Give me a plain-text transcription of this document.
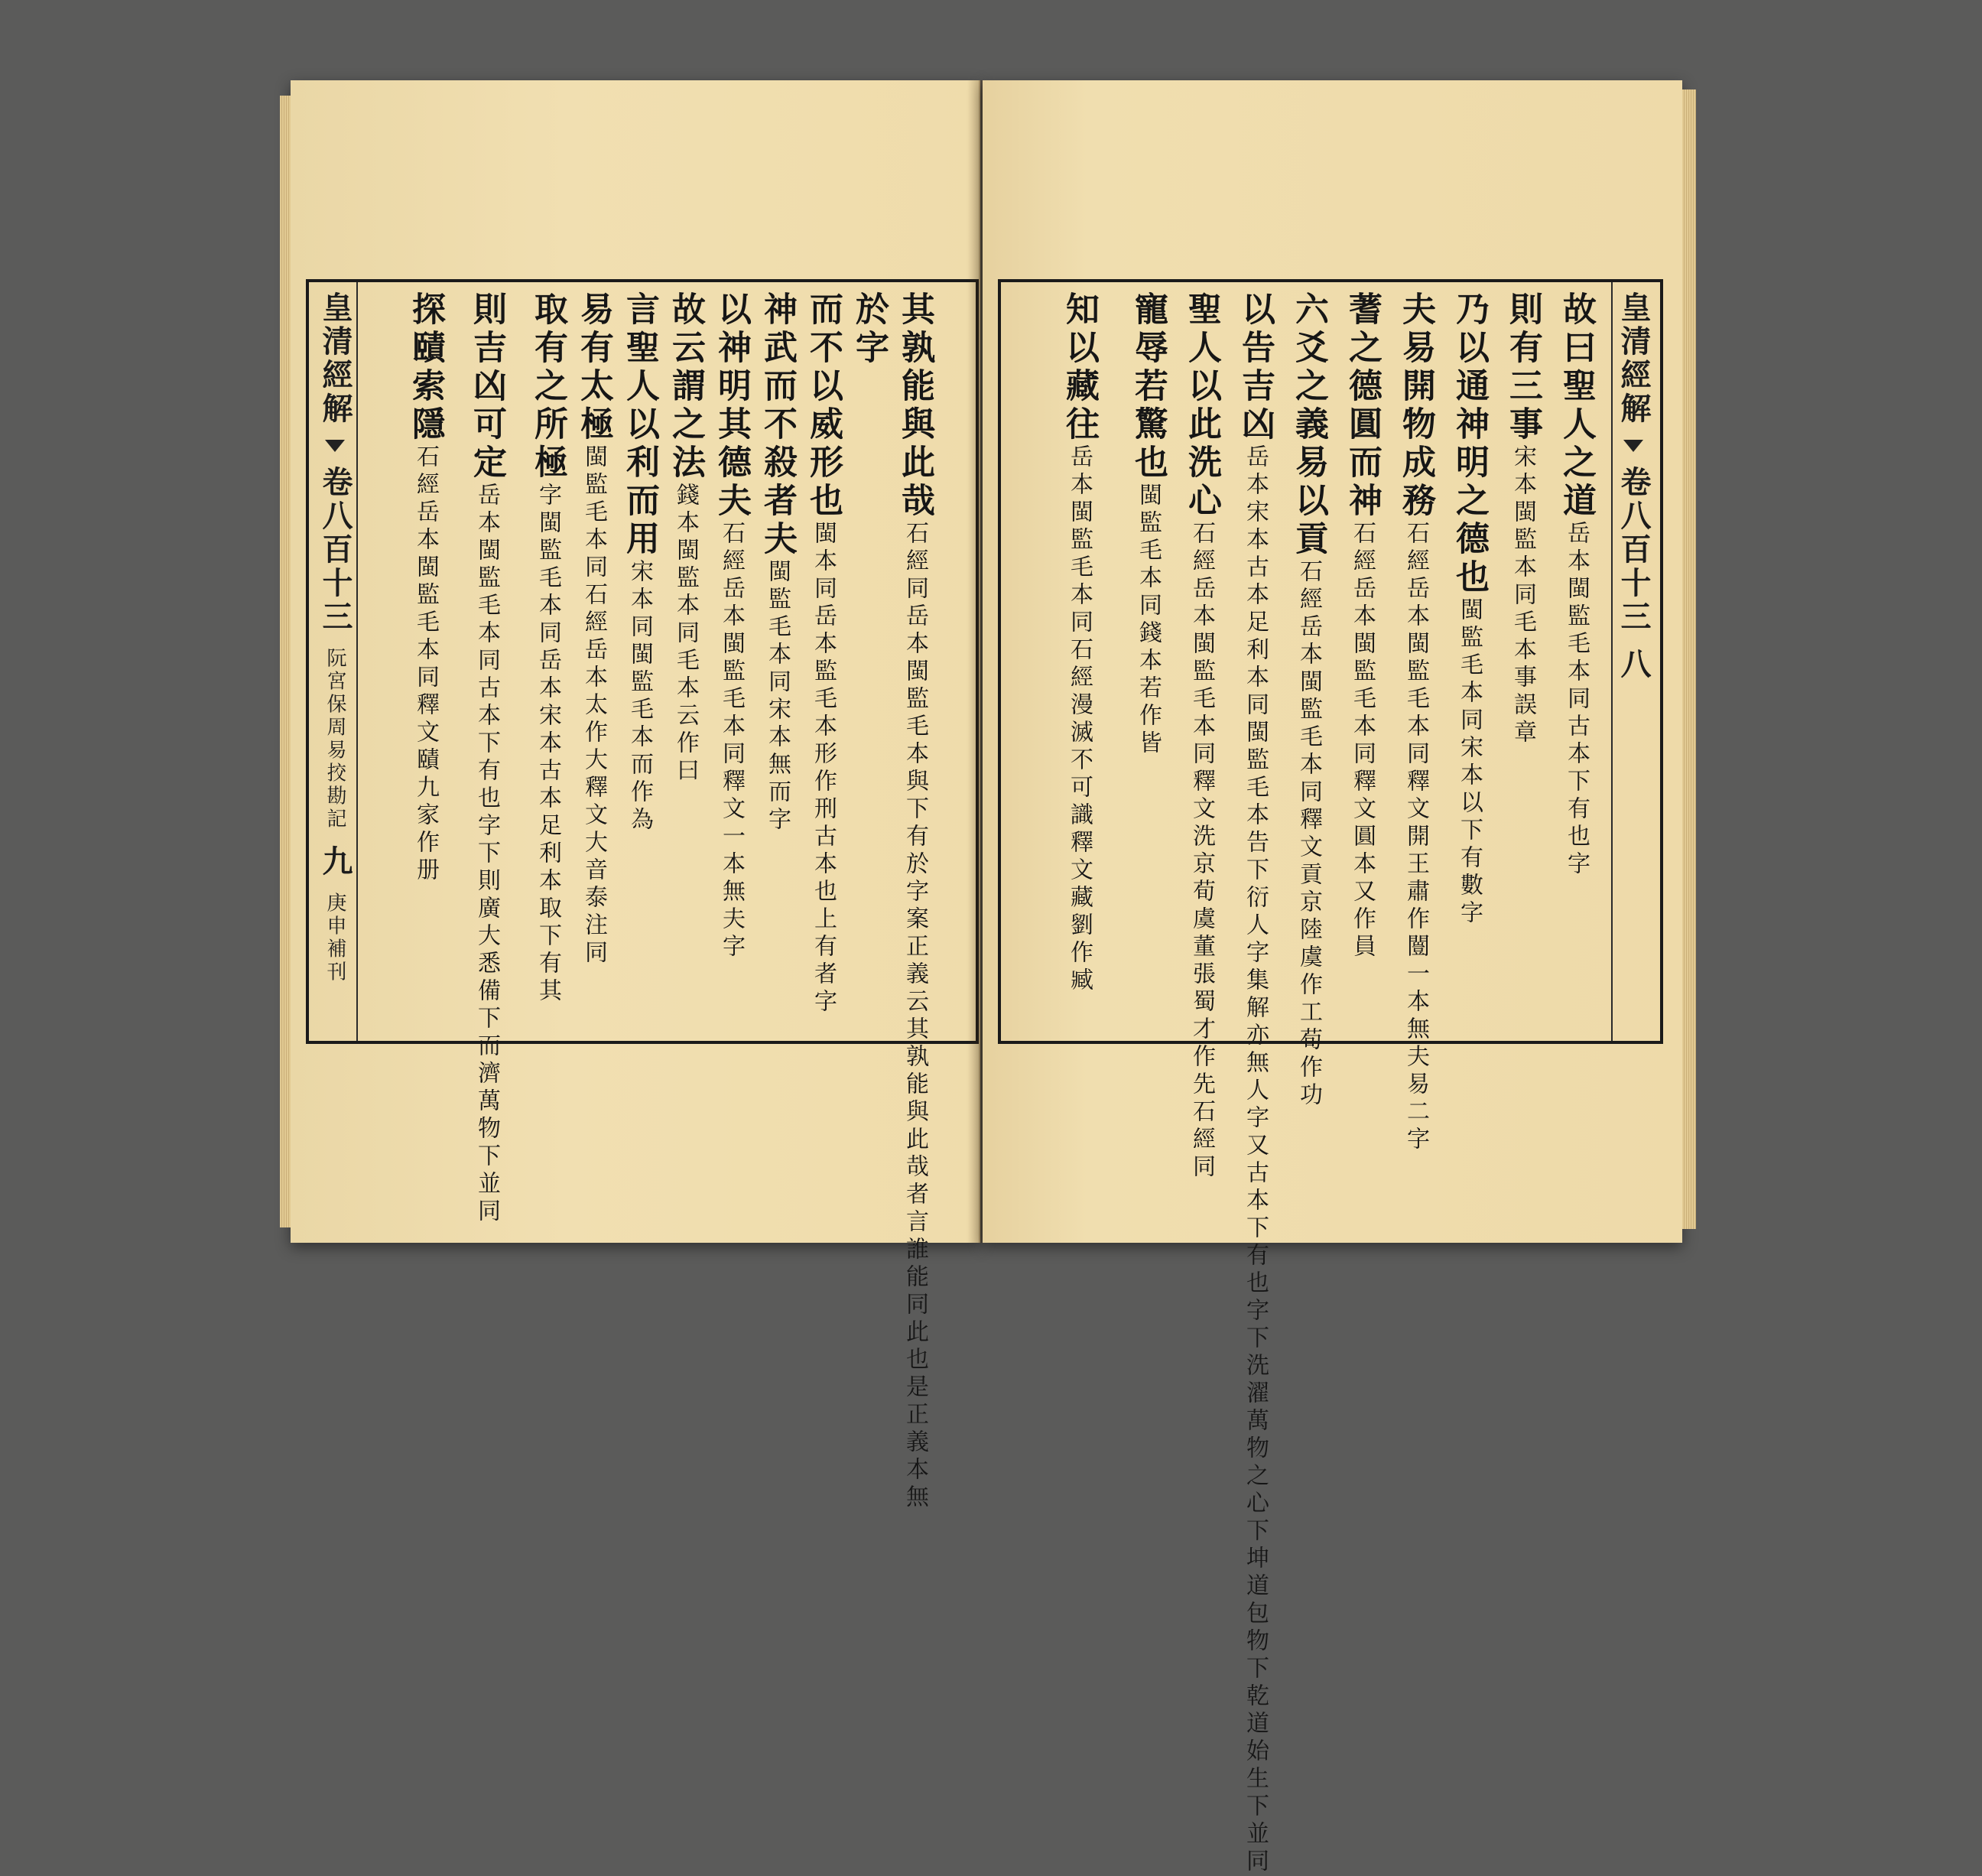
皇清經解  卷八百十三 阮宮保周易挍勘記 九 庚申補刊
其孰能與此哉石經同岳本閩監毛本與下有於字案正義云其孰能與此哉者言誰能同此也是正義本無
於字
而不以威形也閩本同岳本監毛本形作刑古本也上有者字
神武而不殺者夫閩監毛本同宋本無而字
以神明其德夫石經岳本閩監毛本同釋文一本無夫字
故云謂之法錢本閩監本同毛本云作曰
言聖人以利而用宋本同閩監毛本而作為
易有太極閩監毛本同石經岳本太作大釋文大音泰注同
取有之所極字閩監毛本同岳本宋本古本足利本取下有其
則吉凶可定岳本閩監毛本同古本下有也字下則廣大悉備下而濟萬物下並同
探賾索隱石經岳本閩監毛本同釋文賾九家作册
皇清經解  卷八百十三 八
故曰聖人之道岳本閩監毛本同古本下有也字
則有三事宋本閩監本同毛本事誤章
乃以通神明之德也閩監毛本同宋本以下有數字
夫易開物成務石經岳本閩監毛本同釋文開王肅作闓一本無夫易二字
蓍之德圓而神石經岳本閩監毛本同釋文圓本又作員
六爻之義易以貢石經岳本閩監毛本同釋文貢京陸虞作工荀作功
以告吉凶岳本宋本古本足利本同閩監毛本告下衍人字集解亦無人字又古本下有也字下洗濯萬物之心下坤道包物下乾道始生下並同
聖人以此洗心石經岳本閩監毛本同釋文洗京荀虞董張蜀才作先石經同
寵辱若驚也閩監毛本同錢本若作皆
知以藏往岳本閩監毛本同石經漫滅不可識釋文藏劉作臧
